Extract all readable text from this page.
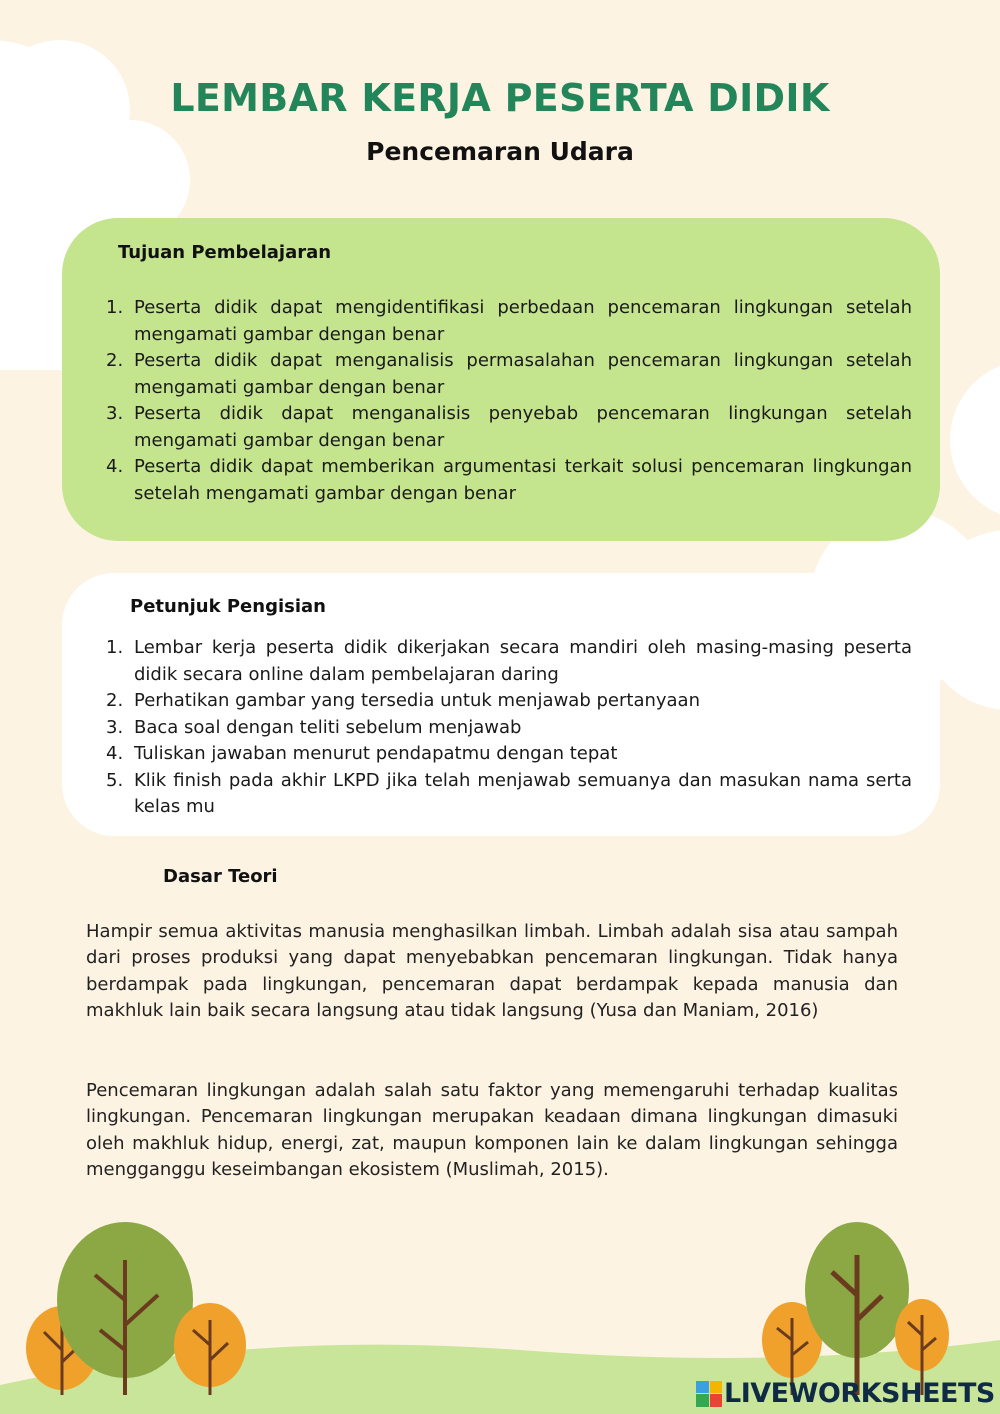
LEMBAR KERJA PESERTA DIDIK
Pencemaran Udara
Tujuan Pembelajaran
1. Peserta didik dapat mengidentifikasi perbedaan pencemaran lingkungan setelah mengamati gambar dengan benar
2. Peserta didik dapat menganalisis permasalahan pencemaran lingkungan setelah mengamati gambar dengan benar
3. Peserta didik dapat menganalisis penyebab pencemaran lingkungan setelah mengamati gambar dengan benar
4. Peserta didik dapat memberikan argumentasi terkait solusi pencemaran lingkungan setelah mengamati gambar dengan benar
Petunjuk Pengisian
1. Lembar kerja peserta didik dikerjakan secara mandiri oleh masing-masing peserta didik secara online dalam pembelajaran daring
2. Perhatikan gambar yang tersedia untuk menjawab pertanyaan
3. Baca soal dengan teliti sebelum menjawab
4. Tuliskan jawaban menurut pendapatmu dengan tepat
5. Klik finish pada akhir LKPD jika telah menjawab semuanya dan masukan nama serta kelas mu
Dasar Teori

Hampir semua aktivitas manusia menghasilkan limbah. Limbah adalah sisa atau sampah dari proses produksi yang dapat menyebabkan pencemaran lingkungan. Tidak hanya berdampak pada lingkungan, pencemaran dapat berdampak kepada manusia dan makhluk lain baik secara langsung atau tidak langsung (Yusa dan Maniam, 2016)

Pencemaran lingkungan adalah salah satu faktor yang memengaruhi terhadap kualitas lingkungan. Pencemaran lingkungan merupakan keadaan dimana lingkungan dimasuki oleh makhluk hidup, energi, zat, maupun komponen lain ke dalam lingkungan sehingga mengganggu keseimbangan ekosistem (Muslimah, 2015).

LIVEWORKSHEETS
